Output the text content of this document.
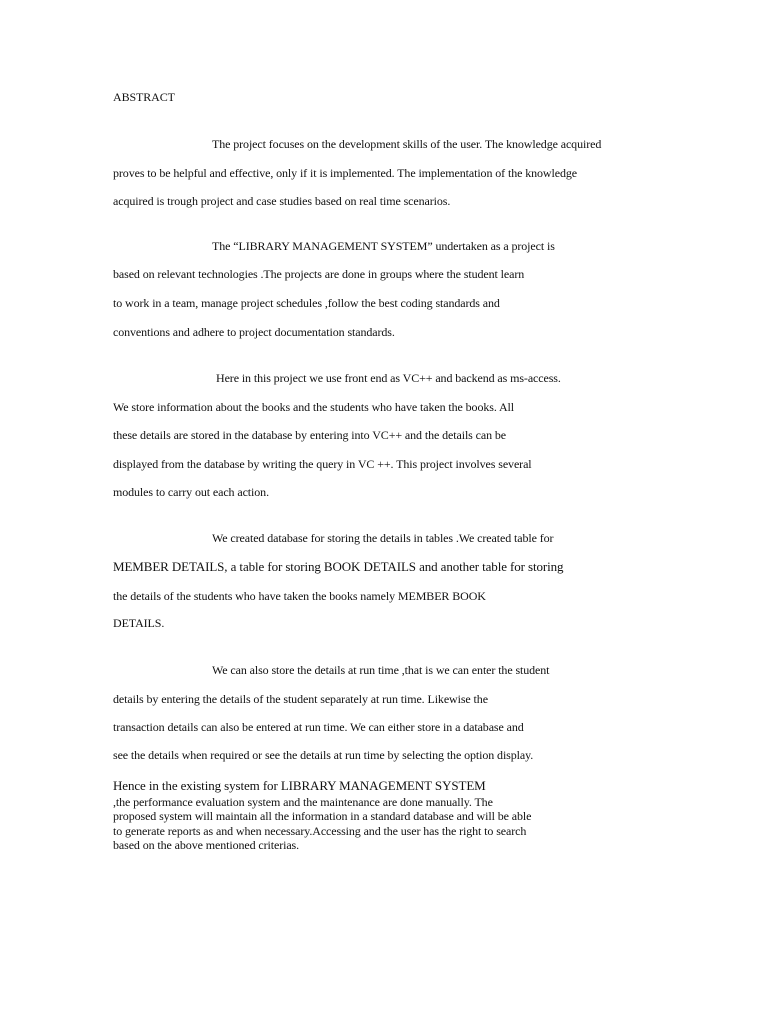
ABSTRACT
The project focuses on the development skills of the user. The knowledge acquired
proves to be helpful and effective, only if it is implemented. The implementation of the knowledge
acquired is trough project and case studies based on real time scenarios.
The “LIBRARY MANAGEMENT SYSTEM” undertaken as a project is
based on relevant technologies .The projects are done in groups where the student learn
to work in a team, manage project schedules ,follow the best coding standards and
conventions and adhere to project documentation standards.
Here in this project we use front end as VC++ and backend as ms-access.
We store information about the books and the students who have taken the books. All
these details are stored in the database by entering into VC++ and the details can be
displayed from the database by writing the query in VC ++. This project involves several
modules to carry out each action.
We created database for storing the details in tables .We created table for
MEMBER DETAILS, a table for storing BOOK DETAILS and another table for storing
the details of the students who have taken the books namely MEMBER BOOK
DETAILS.
We can also store the details at run time ,that is we can enter the student
details by entering the details of the student separately at run time. Likewise the
transaction details can also be entered at run time. We can either store in a database and
see the details when required or see the details at run time by selecting the option display.
Hence in the existing system for LIBRARY MANAGEMENT SYSTEM
,the performance evaluation system and the maintenance are done manually. The
proposed system will maintain all the information in a standard database and will be able
to generate reports as and when necessary.Accessing and the user has the right to search
based on the above mentioned criterias.
